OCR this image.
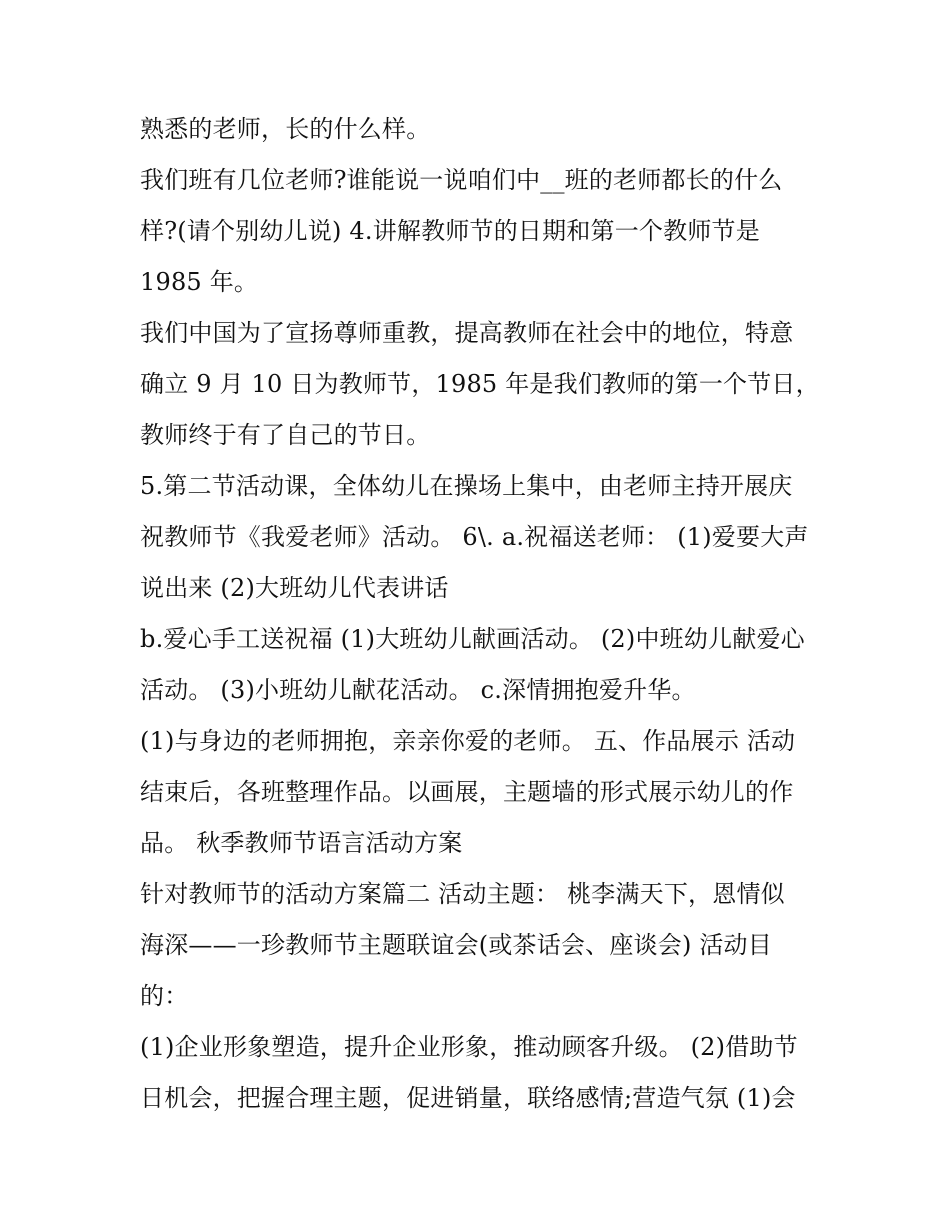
熟悉的老师，长的什么样。
我们班有几位老师?谁能说一说咱们中__班的老师都长的什么
样?(请个别幼儿说) 4.讲解教师节的日期和第一个教师节是
1985 年。
我们中国为了宣扬尊师重教，提高教师在社会中的地位，特意
确立 9 月 10 日为教师节，1985 年是我们教师的第一个节日，
教师终于有了自己的节日。
5.第二节活动课，全体幼儿在操场上集中，由老师主持开展庆
祝教师节《我爱老师》活动。 6\. a.祝福送老师： (1)爱要大声
说出来 (2)大班幼儿代表讲话
b.爱心手工送祝福 (1)大班幼儿献画活动。 (2)中班幼儿献爱心
活动。 (3)小班幼儿献花活动。 c.深情拥抱爱升华。
(1)与身边的老师拥抱，亲亲你爱的老师。 五、作品展示 活动
结束后，各班整理作品。以画展，主题墙的形式展示幼儿的作
品。 秋季教师节语言活动方案
针对教师节的活动方案篇二 活动主题： 桃李满天下，恩情似
海深——一珍教师节主题联谊会(或茶话会、座谈会) 活动目
的：
(1)企业形象塑造，提升企业形象，推动顾客升级。 (2)借助节
日机会，把握合理主题，促进销量，联络感情;营造气氛 (1)会
